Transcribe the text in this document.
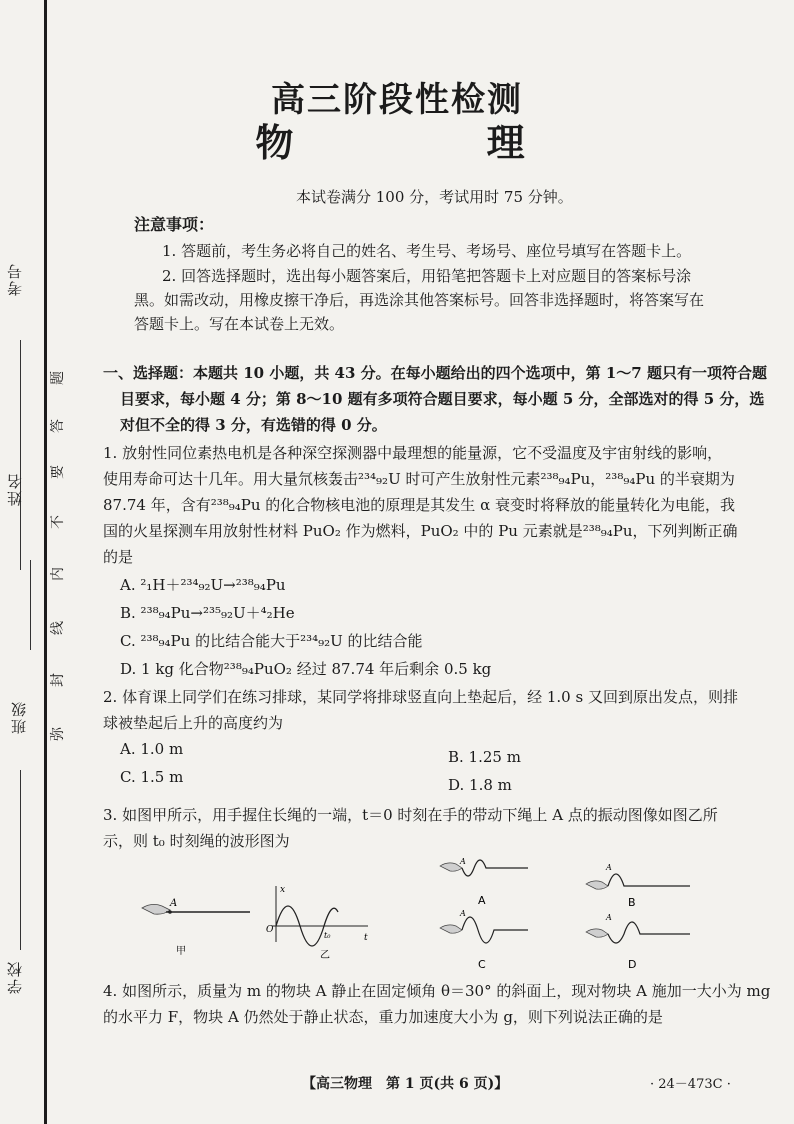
考号
姓名
班级
学校
弥
封
线
内
不
要
答
题
高三阶段性检测
物 理
本试卷满分 100 分，考试用时 75 分钟。
注意事项：
1. 答题前，考生务必将自己的姓名、考生号、考场号、座位号填写在答题卡上。
2. 回答选择题时，选出每小题答案后，用铅笔把答题卡上对应题目的答案标号涂
黑。如需改动，用橡皮擦干净后，再选涂其他答案标号。回答非选择题时，将答案写在
答题卡上。写在本试卷上无效。
一、选择题：本题共 10 小题，共 43 分。在每小题给出的四个选项中，第 1～7 题只有一项符合题
目要求，每小题 4 分；第 8～10 题有多项符合题目要求，每小题 5 分，全部选对的得 5 分，选
对但不全的得 3 分，有选错的得 0 分。
1. 放射性同位素热电机是各种深空探测器中最理想的能量源，它不受温度及宇宙射线的影响，
使用寿命可达十几年。用大量氘核轰击²³⁴₉₂U 时可产生放射性元素²³⁸₉₄Pu，²³⁸₉₄Pu 的半衰期为
87.74 年，含有²³⁸₉₄Pu 的化合物核电池的原理是其发生 α 衰变时将释放的能量转化为电能，我
国的火星探测车用放射性材料 PuO₂ 作为燃料，PuO₂ 中的 Pu 元素就是²³⁸₉₄Pu，下列判断正确
的是
A. ²₁H＋²³⁴₉₂U→²³⁸₉₄Pu
B. ²³⁸₉₄Pu→²³⁵₉₂U＋⁴₂He
C. ²³⁸₉₄Pu 的比结合能大于²³⁴₉₂U 的比结合能
D. 1 kg 化合物²³⁸₉₄PuO₂ 经过 87.74 年后剩余 0.5 kg
2. 体育课上同学们在练习排球，某同学将排球竖直向上垫起后，经 1.0 s 又回到原出发点，则排
球被垫起后上升的高度约为
A. 1.0 m	B. 1.25 m
C. 1.5 m	D. 1.8 m
3. 如图甲所示，用手握住长绳的一端，t＝0 时刻在手的带动下绳上 A 点的振动图像如图乙所
示，则 t₀ 时刻绳的波形图为
A
甲
x
O
t
t₀
乙
A
A
A
B
A
C
A
D
4. 如图所示，质量为 m 的物块 A 静止在固定倾角 θ＝30° 的斜面上，现对物块 A 施加一大小为 mg
的水平力 F，物块 A 仍然处于静止状态，重力加速度大小为 g，则下列说法正确的是
【高三物理　第 1 页(共 6 页)】	· 24－473C ·
